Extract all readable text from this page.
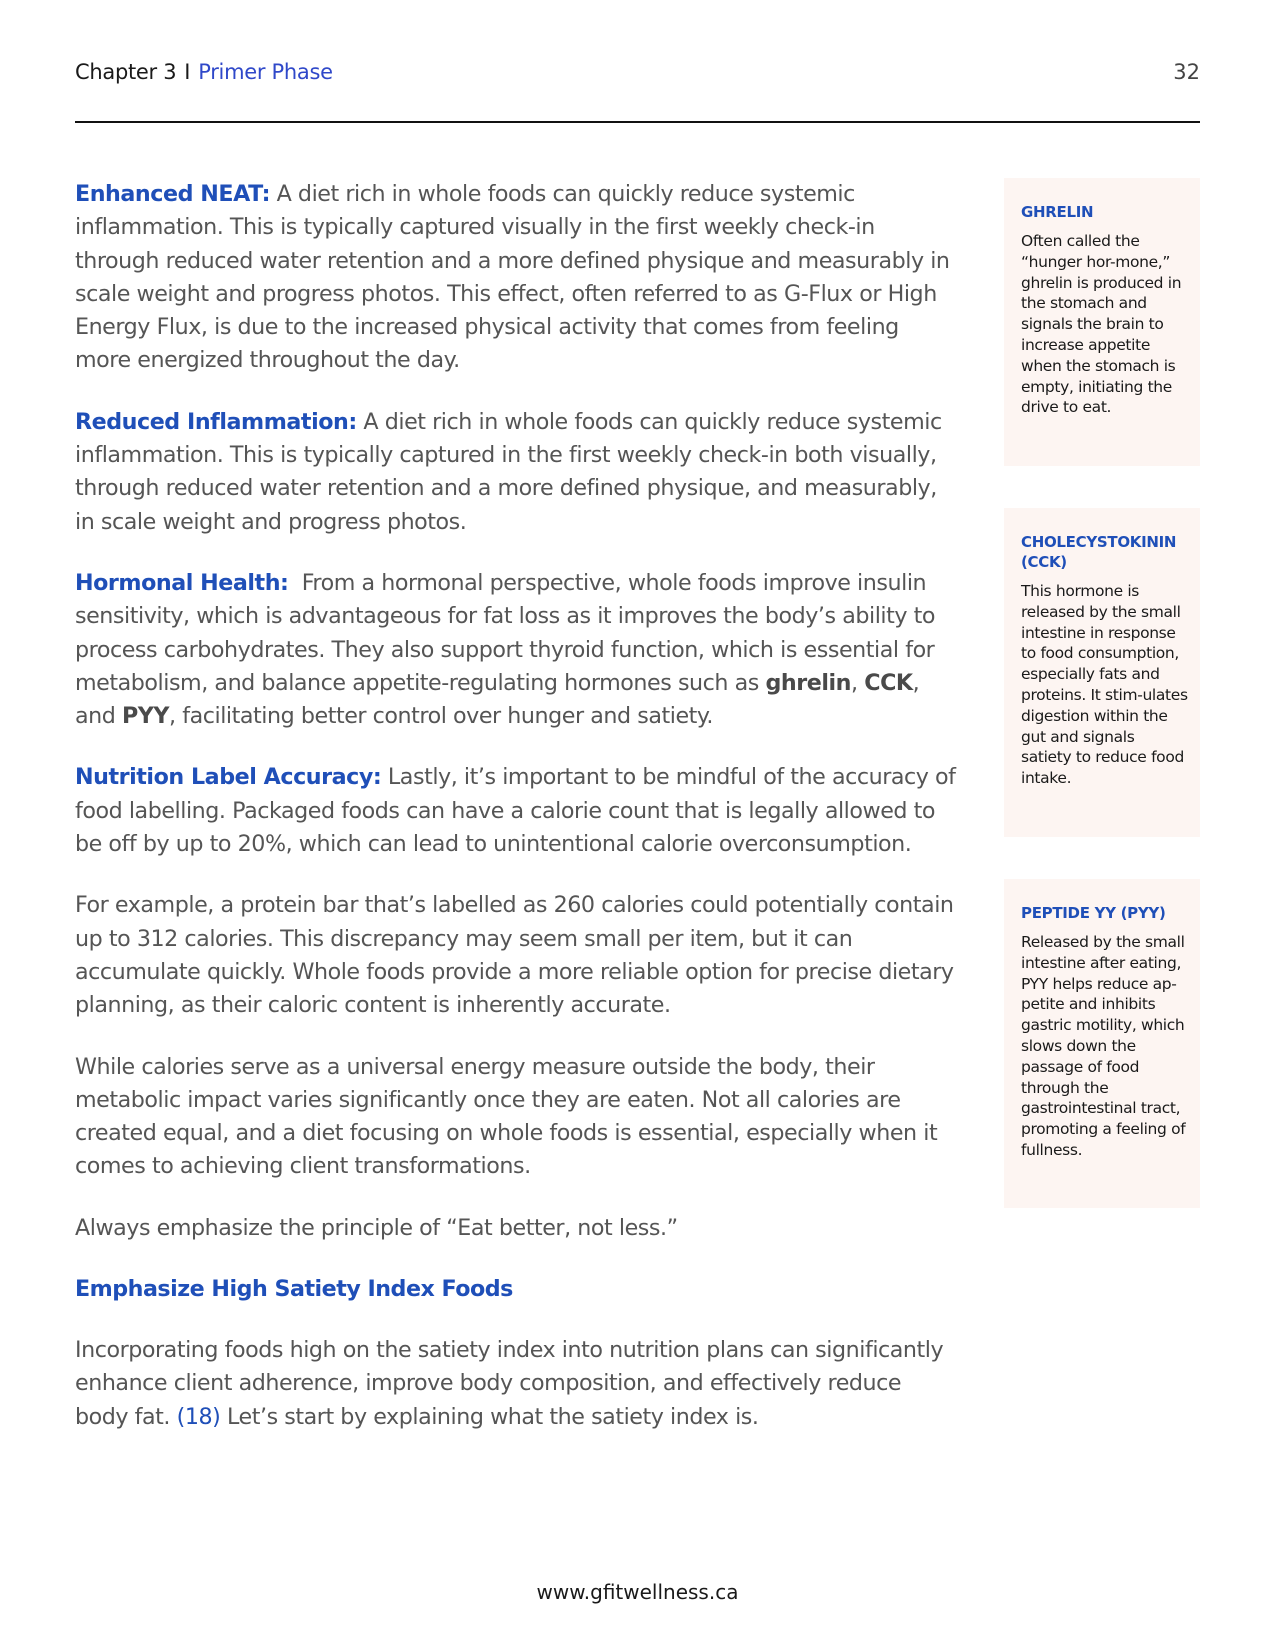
Chapter 3 I Primer Phase	32

Enhanced NEAT: A diet rich in whole foods can quickly reduce systemic inflammation. This is typically captured visually in the first weekly check-in through reduced water retention and a more defined physique and measurably in scale weight and progress photos. This effect, often referred to as G-Flux or High Energy Flux, is due to the increased physical activity that comes from feeling more energized throughout the day.

Reduced Inflammation: A diet rich in whole foods can quickly reduce systemic inflammation. This is typically captured in the first weekly check-in both visually, through reduced water retention and a more defined physique, and measurably, in scale weight and progress photos.

Hormonal Health:  From a hormonal perspective, whole foods improve insulin sensitivity, which is advantageous for fat loss as it improves the body’s ability to process carbohydrates. They also support thyroid function, which is essential for metabolism, and balance appetite-regulating hormones such as ghrelin, CCK, and PYY, facilitating better control over hunger and satiety.

Nutrition Label Accuracy: Lastly, it’s important to be mindful of the accuracy of food labelling. Packaged foods can have a calorie count that is legally allowed to be off by up to 20%, which can lead to unintentional calorie overconsumption.

For example, a protein bar that’s labelled as 260 calories could potentially contain up to 312 calories. This discrepancy may seem small per item, but it can accumulate quickly. Whole foods provide a more reliable option for precise dietary planning, as their caloric content is inherently accurate.

While calories serve as a universal energy measure outside the body, their metabolic impact varies significantly once they are eaten. Not all calories are created equal, and a diet focusing on whole foods is essential, especially when it comes to achieving client transformations.

Always emphasize the principle of “Eat better, not less.”

Emphasize High Satiety Index Foods

Incorporating foods high on the satiety index into nutrition plans can significantly enhance client adherence, improve body composition, and effectively reduce body fat. (18) Let’s start by explaining what the satiety index is.

GHRELIN
Often called the “hunger hor-mone,” ghrelin is produced in the stomach and signals the brain to increase appetite when the stomach is empty, initiating the drive to eat.
CHOLECYSTOKININ (CCK)
This hormone is released by the small intestine in response to food consumption, especially fats and proteins. It stim-ulates digestion within the gut and signals satiety to reduce food intake.
PEPTIDE YY (PYY)
Released by the small intestine after eating, PYY helps reduce ap-petite and inhibits gastric motility, which slows down the passage of food through the gastrointestinal tract, promoting a feeling of fullness.
www.gfitwellness.ca
